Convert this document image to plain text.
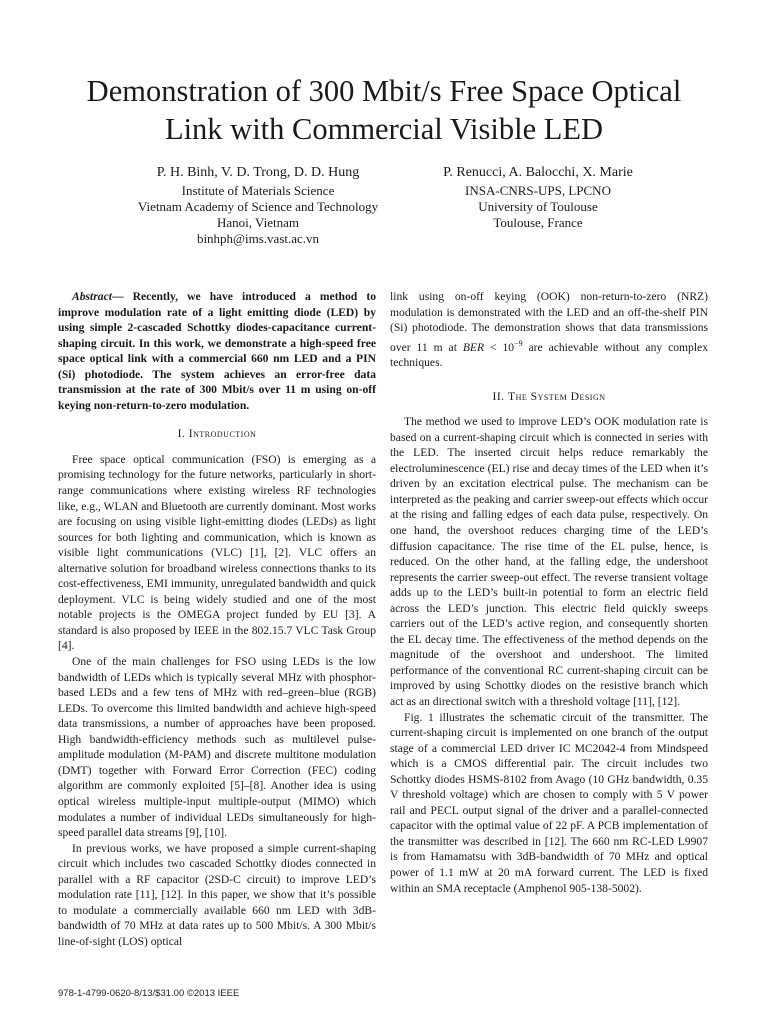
Demonstration of 300 Mbit/s Free Space Optical
Link with Commercial Visible LED
P. H. Binh, V. D. Trong, D. D. Hung
Institute of Materials Science
Vietnam Academy of Science and Technology
Hanoi, Vietnam
binhph@ims.vast.ac.vn
P. Renucci, A. Balocchi, X. Marie
INSA-CNRS-UPS, LPCNO
University of Toulouse
Toulouse, France

Abstract— Recently, we have introduced a method to improve modulation rate of a light emitting diode (LED) by using simple 2-cascaded Schottky diodes-capacitance current-shaping circuit. In this work, we demonstrate a high-speed free space optical link with a commercial 660 nm LED and a PIN (Si) photodiode. The system achieves an error-free data transmission at the rate of 300 Mbit/s over 11 m using on-off keying non-return-to-zero modulation.

I. Introduction

Free space optical communication (FSO) is emerging as a promising technology for the future networks, particularly in short-range communications where existing wireless RF technologies like, e.g., WLAN and Bluetooth are currently dominant. Most works are focusing on using visible light-emitting diodes (LEDs) as light sources for both lighting and communication, which is known as visible light communications (VLC) [1], [2]. VLC offers an alternative solution for broadband wireless connections thanks to its cost-effectiveness, EMI immunity, unregulated bandwidth and quick deployment. VLC is being widely studied and one of the most notable projects is the OMEGA project funded by EU [3]. A standard is also proposed by IEEE in the 802.15.7 VLC Task Group [4].

One of the main challenges for FSO using LEDs is the low bandwidth of LEDs which is typically several MHz with phosphor-based LEDs and a few tens of MHz with red–green–blue (RGB) LEDs. To overcome this limited bandwidth and achieve high-speed data transmissions, a number of approaches have been proposed. High bandwidth-efficiency methods such as multilevel pulse-amplitude modulation (M-PAM) and discrete multitone modulation (DMT) together with Forward Error Correction (FEC) coding algorithm are commonly exploited [5]–[8]. Another idea is using optical wireless multiple-input multiple-output (MIMO) which modulates a number of individual LEDs simultaneously for high-speed parallel data streams [9], [10].

In previous works, we have proposed a simple current-shaping circuit which includes two cascaded Schottky diodes connected in parallel with a RF capacitor (2SD-C circuit) to improve LED’s modulation rate [11], [12]. In this paper, we show that it’s possible to modulate a commercially available 660 nm LED with 3dB-bandwidth of 70 MHz at data rates up to 500 Mbit/s. A 300 Mbit/s line-of-sight (LOS) optical

link using on-off keying (OOK) non-return-to-zero (NRZ) modulation is demonstrated with the LED and an off-the-shelf PIN (Si) photodiode. The demonstration shows that data transmissions over 11 m at BER < $10^{-9}$ are achievable without any complex techniques.

II. The System Design

The method we used to improve LED’s OOK modulation rate is based on a current-shaping circuit which is connected in series with the LED. The inserted circuit helps reduce remarkably the electroluminescence (EL) rise and decay times of the LED when it’s driven by an excitation electrical pulse. The mechanism can be interpreted as the peaking and carrier sweep-out effects which occur at the rising and falling edges of each data pulse, respectively. On one hand, the overshoot reduces charging time of the LED’s diffusion capacitance. The rise time of the EL pulse, hence, is reduced. On the other hand, at the falling edge, the undershoot represents the carrier sweep-out effect. The reverse transient voltage adds up to the LED’s built-in potential to form an electric field across the LED’s junction. This electric field quickly sweeps carriers out of the LED’s active region, and consequently shorten the EL decay time. The effectiveness of the method depends on the magnitude of the overshoot and undershoot. The limited performance of the conventional RC current-shaping circuit can be improved by using Schottky diodes on the resistive branch which act as an directional switch with a threshold voltage [11], [12].

Fig. 1 illustrates the schematic circuit of the transmitter. The current-shaping circuit is implemented on one branch of the output stage of a commercial LED driver IC MC2042-4 from Mindspeed which is a CMOS differential pair. The circuit includes two Schottky diodes HSMS-8102 from Avago (10 GHz bandwidth, 0.35 V threshold voltage) which are chosen to comply with 5 V power rail and PECL output signal of the driver and a parallel-connected capacitor with the optimal value of 22 pF. A PCB implementation of the transmitter was described in [12]. The 660 nm RC-LED L9907 is from Hamamatsu with 3dB-bandwidth of 70 MHz and optical power of 1.1 mW at 20 mA forward current. The LED is fixed within an SMA receptacle (Amphenol 905-138-5002).

978-1-4799-0620-8/13/$31.00 ©2013 IEEE
